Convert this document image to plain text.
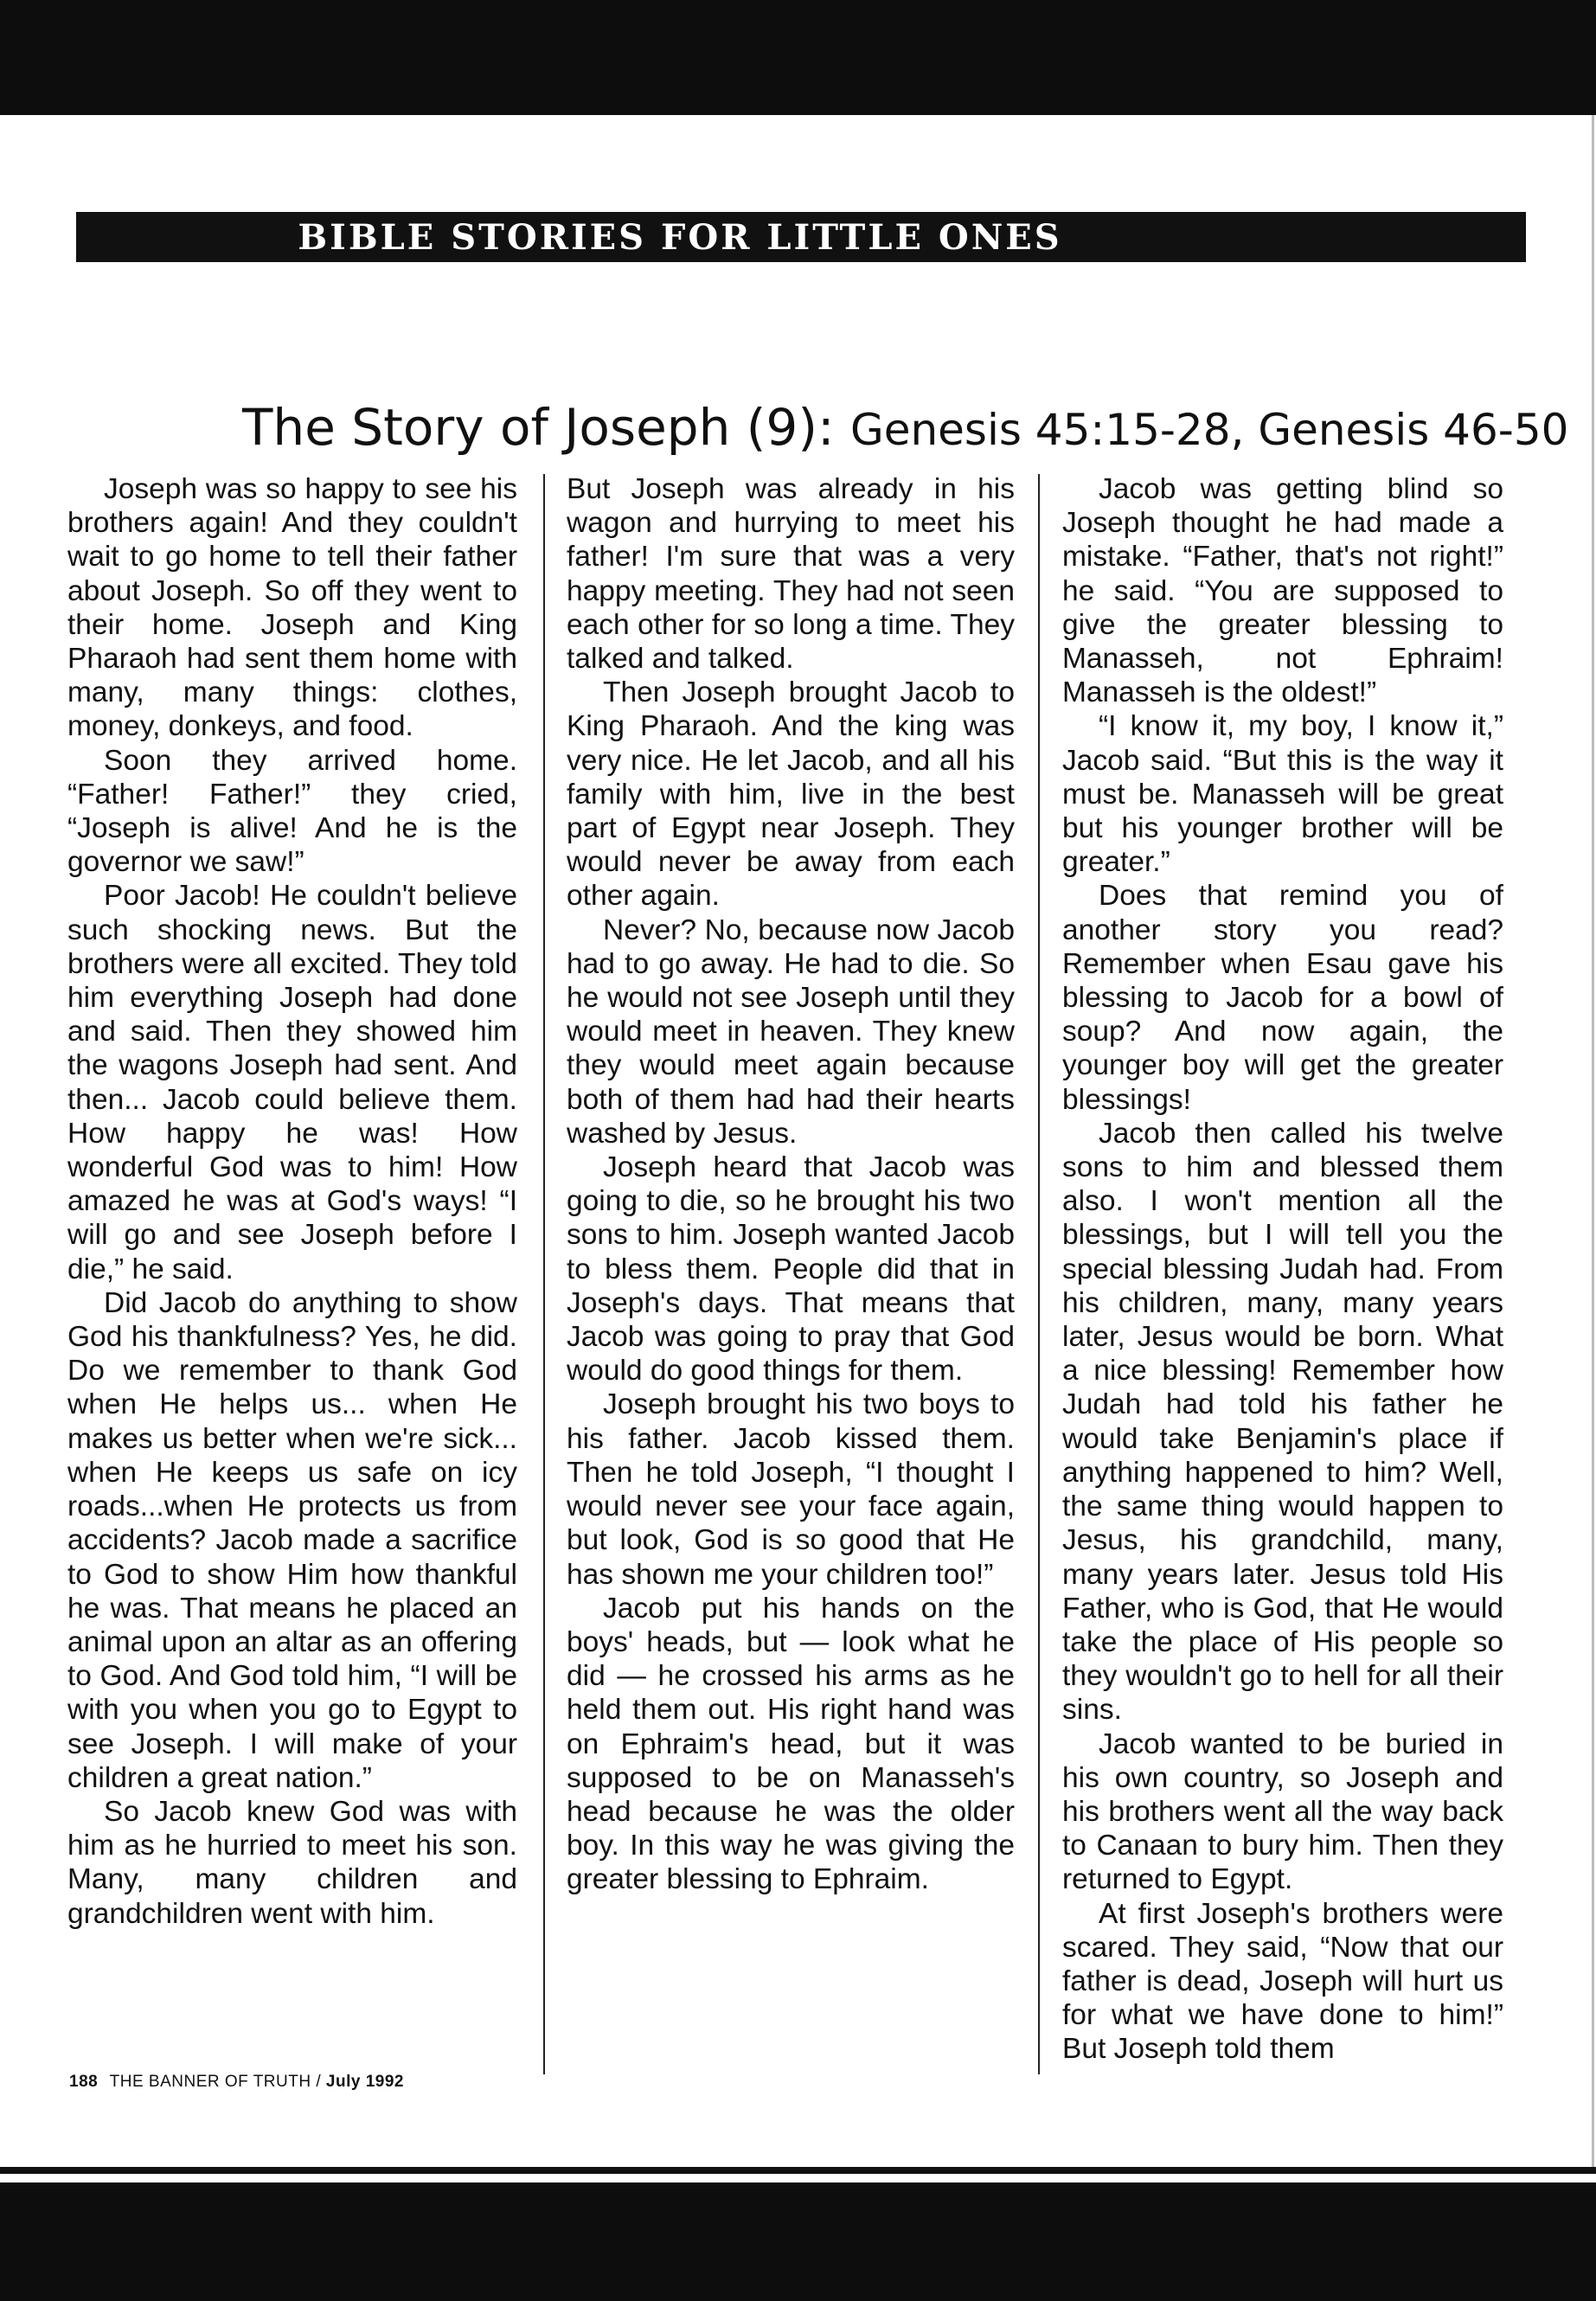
BIBLE STORIES FOR LITTLE ONES
The Story of Joseph (9): Genesis 45:15-28, Genesis 46-50

Joseph was so happy to see his brothers again! And they couldn't wait to go home to tell their father about Joseph. So off they went to their home. Joseph and King Pharaoh had sent them home with many, many things: clothes, money, donkeys, and food.

Soon they arrived home. “Father! Father!” they cried, “Joseph is alive! And he is the governor we saw!”

Poor Jacob! He couldn't believe such shocking news. But the brothers were all excited. They told him everything Joseph had done and said. Then they showed him the wagons Joseph had sent. And then... Jacob could believe them. How happy he was! How wonderful God was to him! How amazed he was at God's ways! “I will go and see Joseph before I die,” he said.

Did Jacob do anything to show God his thankfulness? Yes, he did. Do we remember to thank God when He helps us... when He makes us better when we're sick... when He keeps us safe on icy roads...when He protects us from accidents? Jacob made a sacrifice to God to show Him how thankful he was. That means he placed an animal upon an altar as an offering to God. And God told him, “I will be with you when you go to Egypt to see Joseph. I will make of your children a great nation.”

So Jacob knew God was with him as he hurried to meet his son. Many, many children and grandchildren went with him.

But Joseph was already in his wagon and hurrying to meet his father! I'm sure that was a very happy meeting. They had not seen each other for so long a time. They talked and talked.

Then Joseph brought Jacob to King Pharaoh. And the king was very nice. He let Jacob, and all his family with him, live in the best part of Egypt near Joseph. They would never be away from each other again.

Never? No, because now Jacob had to go away. He had to die. So he would not see Joseph until they would meet in heaven. They knew they would meet again because both of them had had their hearts washed by Jesus.

Joseph heard that Jacob was going to die, so he brought his two sons to him. Joseph wanted Jacob to bless them. People did that in Joseph's days. That means that Jacob was going to pray that God would do good things for them.

Joseph brought his two boys to his father. Jacob kissed them. Then he told Joseph, “I thought I would never see your face again, but look, God is so good that He has shown me your children too!”

Jacob put his hands on the boys' heads, but — look what he did — he crossed his arms as he held them out. His right hand was on Ephraim's head, but it was supposed to be on Manasseh's head because he was the older boy. In this way he was giving the greater blessing to Ephraim.

Jacob was getting blind so Joseph thought he had made a mistake. “Father, that's not right!” he said. “You are supposed to give the greater blessing to Manasseh, not Ephraim! Manasseh is the oldest!”

“I know it, my boy, I know it,” Jacob said. “But this is the way it must be. Manasseh will be great but his younger brother will be greater.”

Does that remind you of another story you read? Remember when Esau gave his blessing to Jacob for a bowl of soup? And now again, the younger boy will get the greater blessings!

Jacob then called his twelve sons to him and blessed them also. I won't mention all the blessings, but I will tell you the special blessing Judah had. From his children, many, many years later, Jesus would be born. What a nice blessing! Remember how Judah had told his father he would take Benjamin's place if anything happened to him? Well, the same thing would happen to Jesus, his grandchild, many, many years later. Jesus told His Father, who is God, that He would take the place of His people so they wouldn't go to hell for all their sins.

Jacob wanted to be buried in his own country, so Joseph and his brothers went all the way back to Canaan to bury him. Then they returned to Egypt.

At first Joseph's brothers were scared. They said, “Now that our father is dead, Joseph will hurt us for what we have done to him!” But Joseph told them

188 THE BANNER OF TRUTH / July 1992
